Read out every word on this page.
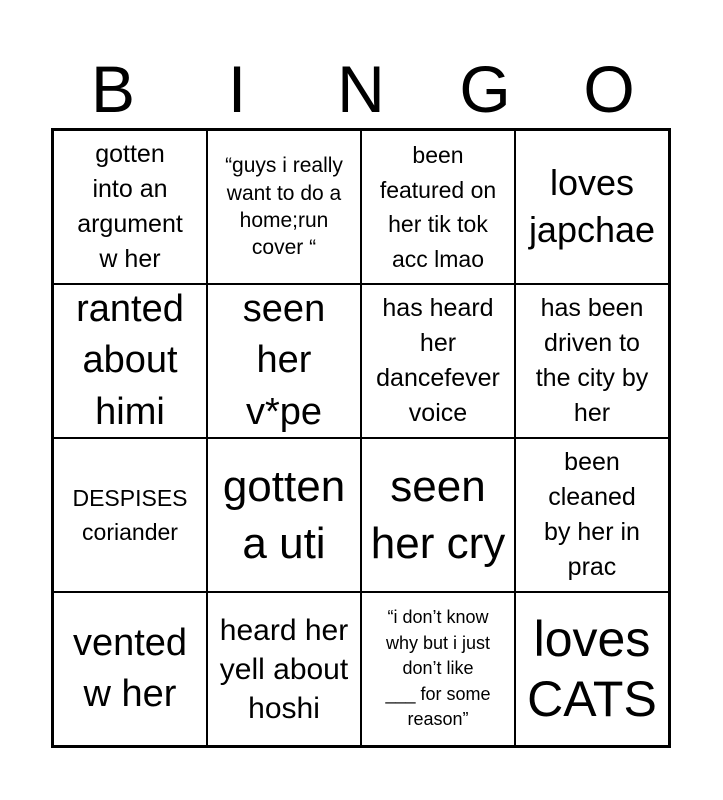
B	I	N	G	O
gotten
into an
argument
w her
“guys i really
want to do a
home;run
cover “
been
featured on
her tik tok
acc lmao
loves
japchae
ranted
about
himi
seen
her
v*pe
has heard
her
dancefever
voice
has been
driven to
the city by
her
DESPISES
coriander
gotten
a uti
seen
her cry
been
cleaned
by her in
prac
vented
w her
heard her
yell about
hoshi
“i don’t know
why but i just
don’t like
___ for some
reason”
loves
CATS
